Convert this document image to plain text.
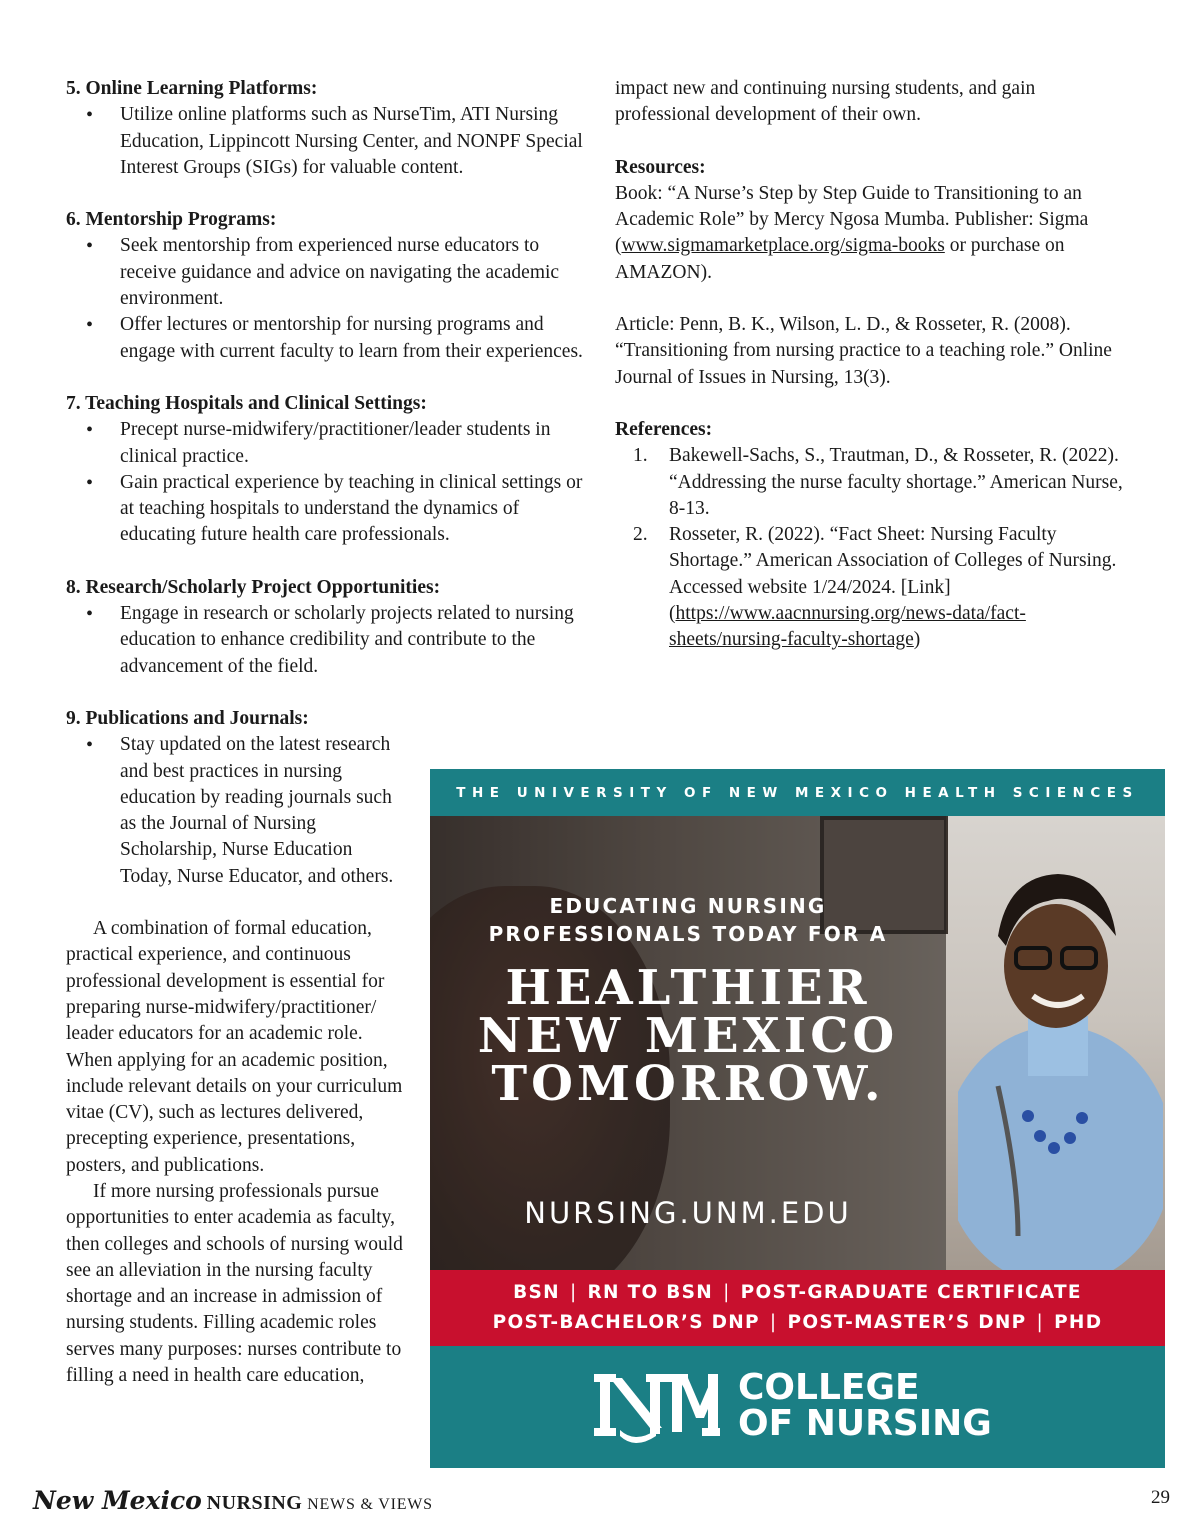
5. Online Learning Platforms:
• Utilize online platforms such as NurseTim, ATI Nursing Education, Lippincott Nursing Center, and NONPF Special Interest Groups (SIGs) for valuable content.
6. Mentorship Programs:
• Seek mentorship from experienced nurse educators to receive guidance and advice on navigating the academic environment.
• Offer lectures or mentorship for nursing programs and engage with current faculty to learn from their experiences.
7. Teaching Hospitals and Clinical Settings:
• Precept nurse-midwifery/practitioner/leader students in clinical practice.
• Gain practical experience by teaching in clinical settings or at teaching hospitals to understand the dynamics of educating future health care professionals.
8. Research/Scholarly Project Opportunities:
• Engage in research or scholarly projects related to nursing education to enhance credibility and contribute to the advancement of the field.
9. Publications and Journals:
• Stay updated on the latest research and best practices in nursing education by reading journals such as the Journal of Nursing Scholarship, Nurse Education Today, Nurse Educator, and others.
A combination of formal education, practical experience, and continuous professional development is essential for preparing nurse-midwifery/practitioner/ leader educators for an academic role. When applying for an academic position, include relevant details on your curriculum vitae (CV), such as lectures delivered, precepting experience, presentations, posters, and publications.
If more nursing professionals pursue opportunities to enter academia as faculty, then colleges and schools of nursing would see an alleviation in the nursing faculty shortage and an increase in admission of nursing students. Filling academic roles serves many purposes: nurses contribute to filling a need in health care education,
impact new and continuing nursing students, and gain professional development of their own.
Resources:
Book: “A Nurse’s Step by Step Guide to Transitioning to an Academic Role” by Mercy Ngosa Mumba. Publisher: Sigma (www.sigmamarketplace.org/sigma-books or purchase on AMAZON).
Article: Penn, B. K., Wilson, L. D., & Rosseter, R. (2008). “Transitioning from nursing practice to a teaching role.” Online Journal of Issues in Nursing, 13(3).
References:
1. Bakewell-Sachs, S., Trautman, D., & Rosseter, R. (2022). “Addressing the nurse faculty shortage.” American Nurse, 8-13.
2. Rosseter, R. (2022). “Fact Sheet: Nursing Faculty Shortage.” American Association of Colleges of Nursing. Accessed website 1/24/2024. [Link] (https://www.aacnnursing.org/news-data/fact-sheets/nursing-faculty-shortage)
THE UNIVERSITY OF NEW MEXICO HEALTH SCIENCES
EDUCATING NURSING
PROFESSIONALS TODAY FOR A
HEALTHIER
NEW MEXICO
TOMORROW.
NURSING.UNM.EDU
BSN | RN TO BSN | POST-GRADUATE CERTIFICATE
POST-BACHELOR’S DNP | POST-MASTER’S DNP | PHD
COLLEGE
OF NURSING
New Mexico NURSING NEWS & VIEWS	29
